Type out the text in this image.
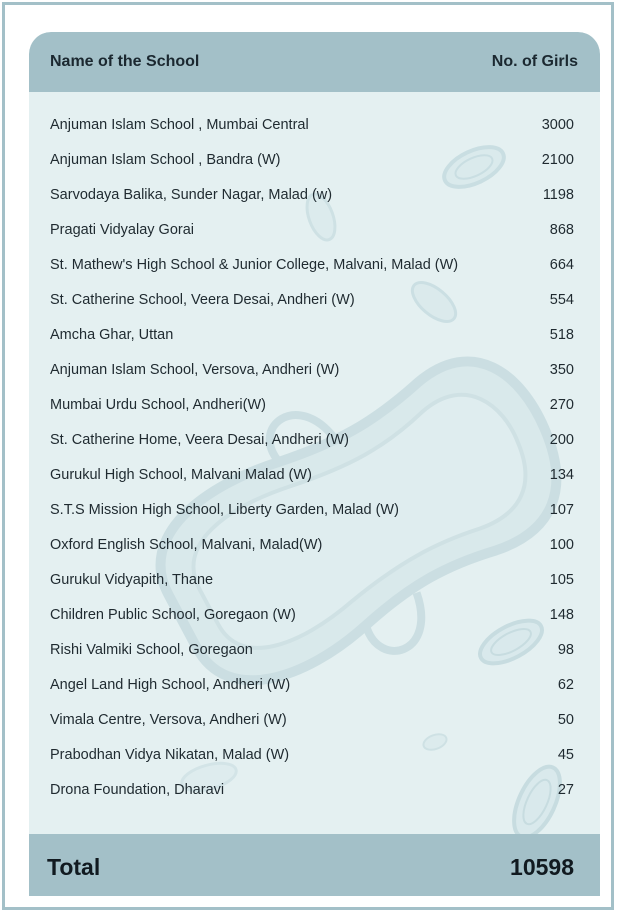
Name of the School	No. of Girls
Anjuman Islam School , Mumbai Central	3000
Anjuman Islam School , Bandra (W)	2100
Sarvodaya Balika, Sunder Nagar, Malad (w)	1198
Pragati Vidyalay Gorai	868
St. Mathew's High School & Junior College, Malvani, Malad (W)	664
St. Catherine School, Veera Desai, Andheri (W)	554
Amcha Ghar, Uttan	518
Anjuman Islam School, Versova, Andheri (W)	350
Mumbai Urdu School, Andheri(W)	270
St. Catherine Home, Veera Desai, Andheri (W)	200
Gurukul High School, Malvani Malad (W)	134
S.T.S Mission High School, Liberty Garden, Malad (W)	107
Oxford English School, Malvani, Malad(W)	100
Gurukul Vidyapith, Thane	105
Children Public School, Goregaon (W)	148
Rishi Valmiki School, Goregaon	98
Angel Land High School, Andheri (W)	62
Vimala Centre, Versova, Andheri (W)	50
Prabodhan Vidya Nikatan, Malad (W)	45
Drona Foundation, Dharavi	27
Total	10598
